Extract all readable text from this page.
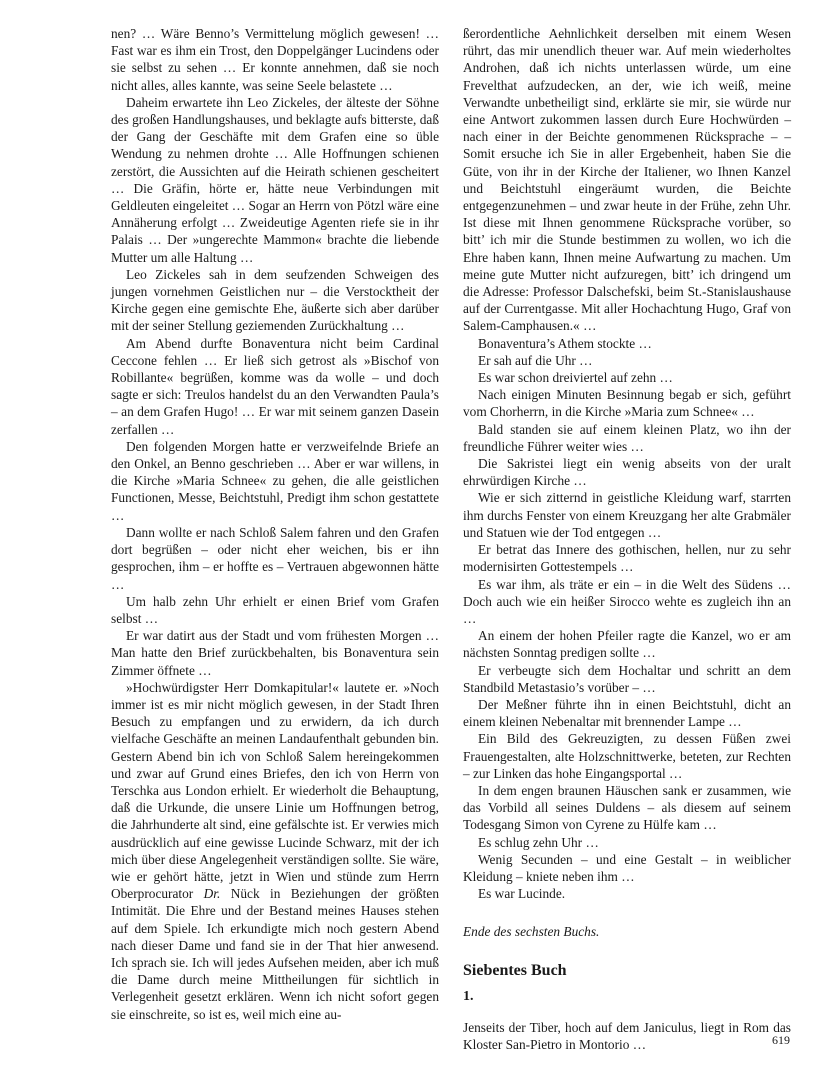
nen? … Wäre Benno’s Vermittelung möglich gewesen! … Fast war es ihm ein Trost, den Doppelgänger Lucindens oder sie selbst zu sehen … Er konnte annehmen, daß sie noch nicht alles, alles kannte, was seine Seele belastete …

Daheim erwartete ihn Leo Zickeles, der älteste der Söhne des großen Handlungshauses, und beklagte aufs bitterste, daß der Gang der Geschäfte mit dem Grafen eine so üble Wendung zu nehmen drohte … Alle Hoffnungen schienen zerstört, die Aussichten auf die Heirath schienen gescheitert … Die Gräfin, hörte er, hätte neue Verbindungen mit Geldleuten eingeleitet … Sogar an Herrn von Pötzl wäre eine Annäherung erfolgt … Zweideutige Agenten riefe sie in ihr Palais … Der »ungerechte Mammon« brachte die liebende Mutter um alle Haltung …

Leo Zickeles sah in dem seufzenden Schweigen des jungen vornehmen Geistlichen nur – die Verstocktheit der Kirche gegen eine gemischte Ehe, äußerte sich aber darüber mit der seiner Stellung geziemenden Zurückhaltung …

Am Abend durfte Bonaventura nicht beim Cardinal Ceccone fehlen … Er ließ sich getrost als »Bischof von Robillante« begrüßen, komme was da wolle – und doch sagte er sich: Treulos handelst du an den Verwandten Paula’s – an dem Grafen Hugo! … Er war mit seinem ganzen Dasein zerfallen …

Den folgenden Morgen hatte er verzweifelnde Briefe an den Onkel, an Benno geschrieben … Aber er war willens, in die Kirche »Maria Schnee« zu gehen, die alle geistlichen Functionen, Messe, Beichtstuhl, Predigt ihm schon gestattete …

Dann wollte er nach Schloß Salem fahren und den Grafen dort begrüßen – oder nicht eher weichen, bis er ihn gesprochen, ihm – er hoffte es – Vertrauen abgewonnen hätte …

Um halb zehn Uhr erhielt er einen Brief vom Grafen selbst …

Er war datirt aus der Stadt und vom frühesten Morgen … Man hatte den Brief zurückbehalten, bis Bonaventura sein Zimmer öffnete …

»Hochwürdigster Herr Domkapitular!« lautete er. »Noch immer ist es mir nicht möglich gewesen, in der Stadt Ihren Besuch zu empfangen und zu erwidern, da ich durch vielfache Geschäfte an meinen Landaufenthalt gebunden bin. Gestern Abend bin ich von Schloß Salem hereingekommen und zwar auf Grund eines Briefes, den ich von Herrn von Terschka aus London erhielt. Er wiederholt die Behauptung, daß die Urkunde, die unsere Linie um Hoffnungen betrog, die Jahrhunderte alt sind, eine gefälschte ist. Er verwies mich ausdrücklich auf eine gewisse Lucinde Schwarz, mit der ich mich über diese Angelegenheit verständigen sollte. Sie wäre, wie er gehört hätte, jetzt in Wien und stünde zum Herrn Oberprocurator Dr. Nück in Beziehungen der größten Intimität. Die Ehre und der Bestand meines Hauses stehen auf dem Spiele. Ich erkundigte mich noch gestern Abend nach dieser Dame und fand sie in der That hier anwesend. Ich sprach sie. Ich will jedes Aufsehen meiden, aber ich muß die Dame durch meine Mittheilungen für sichtlich in Verlegenheit gesetzt erklären. Wenn ich nicht sofort gegen sie einschreite, so ist es, weil mich eine au-

ßerordentliche Aehnlichkeit derselben mit einem Wesen rührt, das mir unendlich theuer war. Auf mein wiederholtes Androhen, daß ich nichts unterlassen würde, um eine Frevelthat aufzudecken, an der, wie ich weiß, meine Verwandte unbetheiligt sind, erklärte sie mir, sie würde nur eine Antwort zukommen lassen durch Eure Hochwürden – nach einer in der Beichte genommenen Rücksprache – – Somit ersuche ich Sie in aller Ergebenheit, haben Sie die Güte, von ihr in der Kirche der Italiener, wo Ihnen Kanzel und Beichtstuhl eingeräumt wurden, die Beichte entgegenzunehmen – und zwar heute in der Frühe, zehn Uhr. Ist diese mit Ihnen genommene Rücksprache vorüber, so bitt’ ich mir die Stunde bestimmen zu wollen, wo ich die Ehre haben kann, Ihnen meine Aufwartung zu machen. Um meine gute Mutter nicht aufzuregen, bitt’ ich dringend um die Adresse: Professor Dalschefski, beim St.-Stanislaushause auf der Currentgasse. Mit aller Hochachtung Hugo, Graf von Salem-Camphausen.« …

Bonaventura’s Athem stockte …

Er sah auf die Uhr …

Es war schon dreiviertel auf zehn …

Nach einigen Minuten Besinnung begab er sich, geführt vom Chorherrn, in die Kirche »Maria zum Schnee« …

Bald standen sie auf einem kleinen Platz, wo ihn der freundliche Führer weiter wies …

Die Sakristei liegt ein wenig abseits von der uralt ehrwürdigen Kirche …

Wie er sich zitternd in geistliche Kleidung warf, starrten ihm durchs Fenster von einem Kreuzgang her alte Grabmäler und Statuen wie der Tod entgegen …

Er betrat das Innere des gothischen, hellen, nur zu sehr modernisirten Gottestempels …

Es war ihm, als träte er ein – in die Welt des Südens … Doch auch wie ein heißer Sirocco wehte es zugleich ihn an …

An einem der hohen Pfeiler ragte die Kanzel, wo er am nächsten Sonntag predigen sollte …

Er verbeugte sich dem Hochaltar und schritt an dem Standbild Metastasio’s vorüber – …

Der Meßner führte ihn in einen Beichtstuhl, dicht an einem kleinen Nebenaltar mit brennender Lampe …

Ein Bild des Gekreuzigten, zu dessen Füßen zwei Frauengestalten, alte Holzschnittwerke, beteten, zur Rechten – zur Linken das hohe Eingangsportal …

In dem engen braunen Häuschen sank er zusammen, wie das Vorbild all seines Duldens – als diesem auf seinem Todesgang Simon von Cyrene zu Hülfe kam …

Es schlug zehn Uhr …

Wenig Secunden – und eine Gestalt – in weiblicher Kleidung – kniete neben ihm …

Es war Lucinde.

Ende des sechsten Buchs.

Siebentes Buch

1.

Jenseits der Tiber, hoch auf dem Janiculus, liegt in Rom das Kloster San-Pietro in Montorio …	619
